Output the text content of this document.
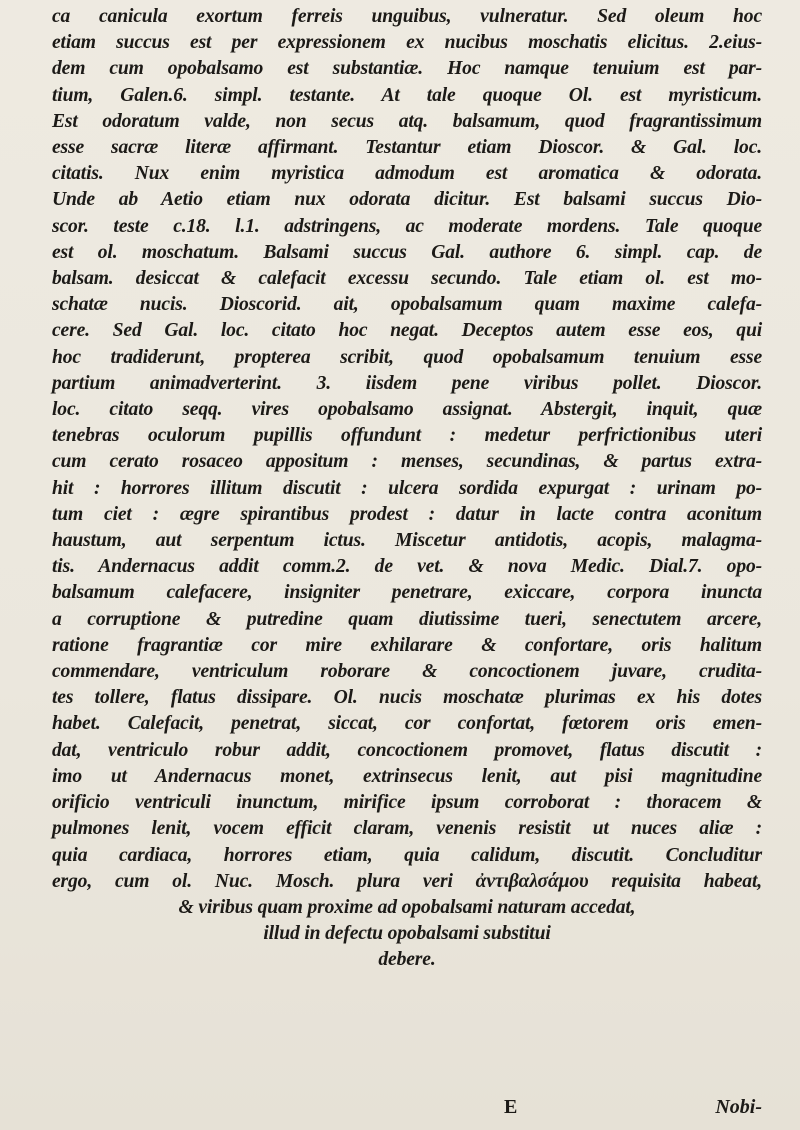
ca canicula exortum ferreis unguibus, vulneratur. Sed oleum hoc
etiam succus est per expressionem ex nucibus moschatis elicitus. 2.eius-
dem cum opobalsamo est substantiæ. Hoc namque tenuium est par-
tium, Galen.6. simpl. testante. At tale quoque Ol. est myristicum.
Est odoratum valde, non secus atq. balsamum, quod fragrantissimum
esse sacræ literæ affirmant. Testantur etiam Dioscor. & Gal. loc.
citatis. Nux enim myristica admodum est aromatica & odorata.
Unde ab Aetio etiam nux odorata dicitur. Est balsami succus Dio-
scor. teste c.18. l.1. adstringens, ac moderate mordens. Tale quoque
est ol. moschatum. Balsami succus Gal. authore 6. simpl. cap. de
balsam. desiccat & calefacit excessu secundo. Tale etiam ol. est mo-
schatæ nucis. Dioscorid. ait, opobalsamum quam maxime calefa-
cere. Sed Gal. loc. citato hoc negat. Deceptos autem esse eos, qui
hoc tradiderunt, propterea scribit, quod opobalsamum tenuium esse
partium animadverterint. 3. iisdem pene viribus pollet. Dioscor.
loc. citato seqq. vires opobalsamo assignat. Abstergit, inquit, quæ
tenebras oculorum pupillis offundunt : medetur perfrictionibus uteri
cum cerato rosaceo appositum : menses, secundinas, & partus extra-
hit : horrores illitum discutit : ulcera sordida expurgat : urinam po-
tum ciet : ægre spirantibus prodest : datur in lacte contra aconitum
haustum, aut serpentum ictus. Miscetur antidotis, acopis, malagma-
tis. Andernacus addit comm.2. de vet. & nova Medic. Dial.7. opo-
balsamum calefacere, insigniter penetrare, exiccare, corpora inuncta
a corruptione & putredine quam diutissime tueri, senectutem arcere,
ratione fragrantiæ cor mire exhilarare & confortare, oris halitum
commendare, ventriculum roborare & concoctionem juvare, crudita-
tes tollere, flatus dissipare. Ol. nucis moschatæ plurimas ex his dotes
habet. Calefacit, penetrat, siccat, cor confortat, fœtorem oris emen-
dat, ventriculo robur addit, concoctionem promovet, flatus discutit :
imo ut Andernacus monet, extrinsecus lenit, aut pisi magnitudine
orificio ventriculi inunctum, mirifice ipsum corroborat : thoracem &
pulmones lenit, vocem efficit claram, venenis resistit ut nuces aliæ :
quia cardiaca, horrores etiam, quia calidum, discutit. Concluditur
ergo, cum ol. Nuc. Mosch. plura veri ἀντιβαλσάμου requisita habeat,
& viribus quam proxime ad opobalsami naturam accedat,
illud in defectu opobalsami substitui
debere.
E	Nobi-
